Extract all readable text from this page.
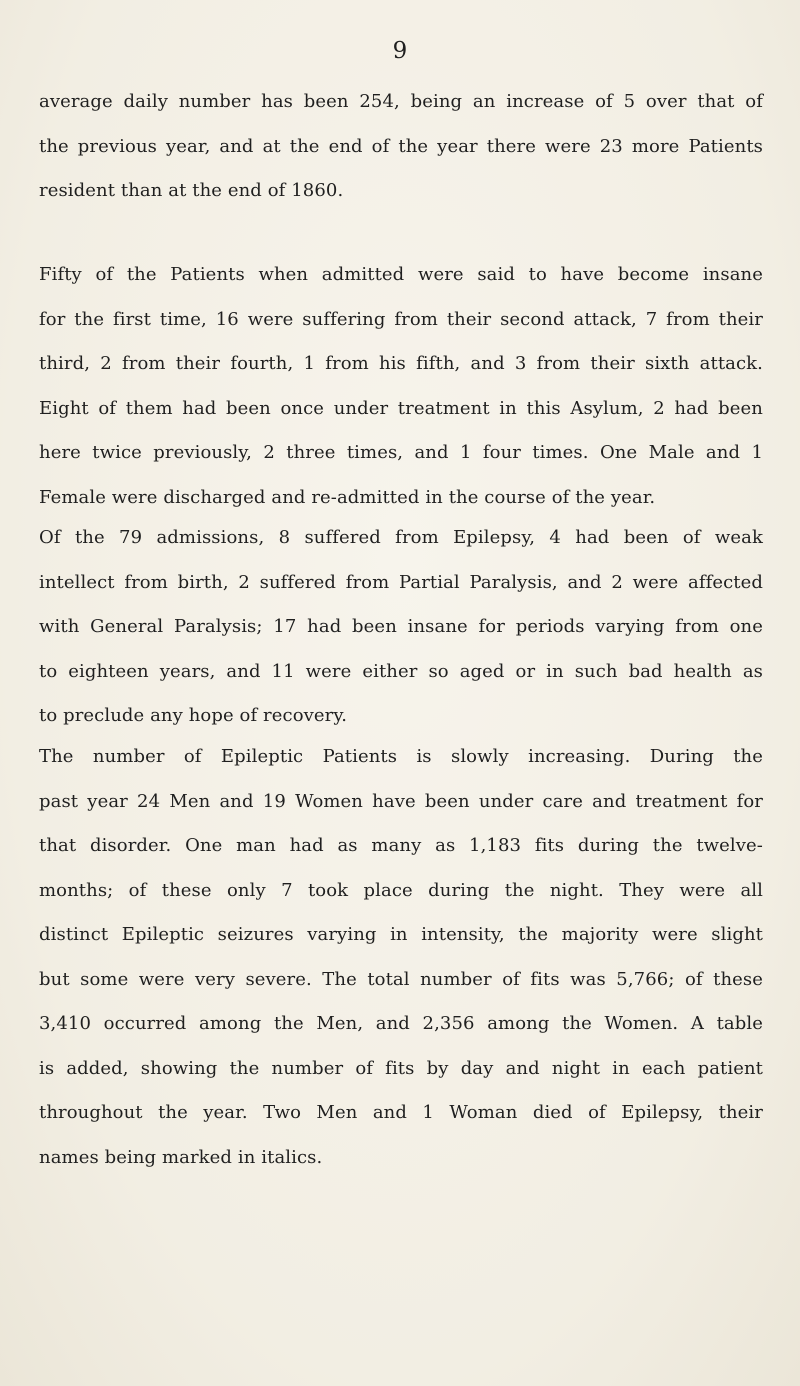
9

average daily number has been 254, being an increase of 5 over that of
the previous year, and at the end of the year there were 23 more Patients
resident than at the end of 1860.

Fifty of the Patients when admitted were said to have become insane
for the first time, 16 were suffering from their second attack, 7 from their
third, 2 from their fourth, 1 from his fifth, and 3 from their sixth attack.
Eight of them had been once under treatment in this Asylum, 2 had been
here twice previously, 2 three times, and 1 four times. One Male and 1
Female were discharged and re-admitted in the course of the year.

Of the 79 admissions, 8 suffered from Epilepsy, 4 had been of weak
intellect from birth, 2 suffered from Partial Paralysis, and 2 were affected
with General Paralysis; 17 had been insane for periods varying from one
to eighteen years, and 11 were either so aged or in such bad health as
to preclude any hope of recovery.

The number of Epileptic Patients is slowly increasing. During the
past year 24 Men and 19 Women have been under care and treatment for
that disorder. One man had as many as 1,183 fits during the twelve-
months; of these only 7 took place during the night. They were all
distinct Epileptic seizures varying in intensity, the majority were slight
but some were very severe. The total number of fits was 5,766; of these
3,410 occurred among the Men, and 2,356 among the Women. A table
is added, showing the number of fits by day and night in each patient
throughout the year. Two Men and 1 Woman died of Epilepsy, their
names being marked in italics.
